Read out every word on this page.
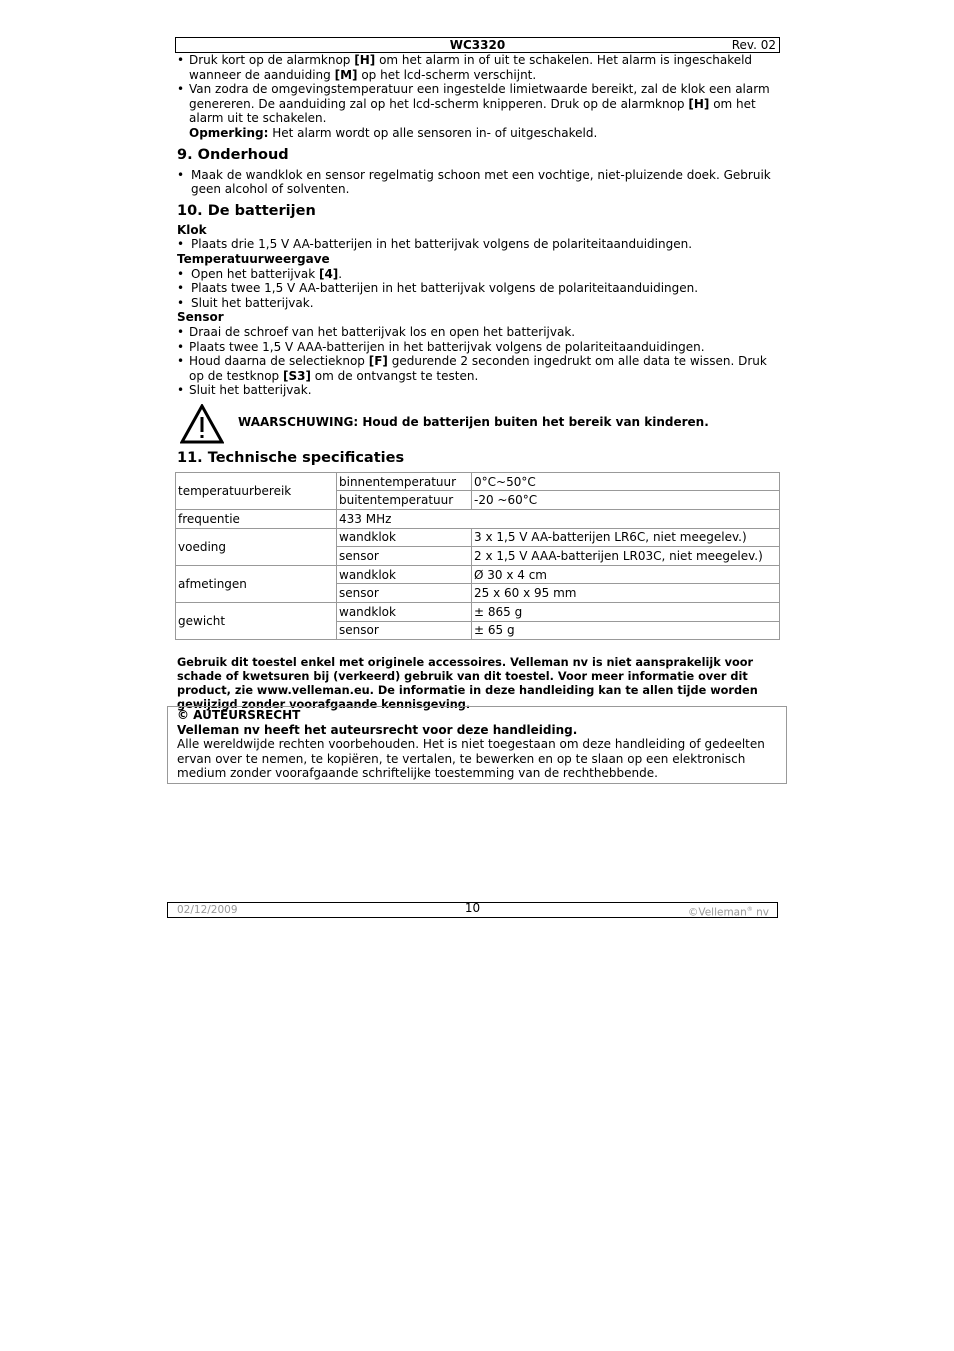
WC3320	Rev. 02
• Druk kort op de alarmknop [H] om het alarm in of uit te schakelen. Het alarm is ingeschakeld wanneer de aanduiding [M] op het lcd-scherm verschijnt.
• Van zodra de omgevingstemperatuur een ingestelde limietwaarde bereikt, zal de klok een alarm genereren. De aanduiding zal op het lcd-scherm knipperen. Druk op de alarmknop [H] om het alarm uit te schakelen.
Opmerking: Het alarm wordt op alle sensoren in- of uitgeschakeld.
9. Onderhoud
• Maak de wandklok en sensor regelmatig schoon met een vochtige, niet-pluizende doek. Gebruik geen alcohol of solventen.
10. De batterijen
Klok
• Plaats drie 1,5 V AA-batterijen in het batterijvak volgens de polariteitaanduidingen.
Temperatuurweergave
• Open het batterijvak [4].
• Plaats twee 1,5 V AA-batterijen in het batterijvak volgens de polariteitaanduidingen.
• Sluit het batterijvak.
Sensor
• Draai de schroef van het batterijvak los en open het batterijvak.
• Plaats twee 1,5 V AAA-batterijen in het batterijvak volgens de polariteitaanduidingen.
• Houd daarna de selectieknop [F] gedurende 2 seconden ingedrukt om alle data te wissen. Druk op de testknop [S3] om de ontvangst te testen.
• Sluit het batterijvak.
WAARSCHUWING: Houd de batterijen buiten het bereik van kinderen.
11. Technische specificaties
temperatuurbereik	binnentemperatuur	0°C~50°C
	buitentemperatuur	-20 ~60°C
frequentie	433 MHz	
voeding	wandklok	3 x 1,5 V AA-batterijen LR6C, niet meegelev.)
	sensor	2 x 1,5 V AAA-batterijen LR03C, niet meegelev.)
afmetingen	wandklok	Ø 30 x 4 cm
	sensor	25 x 60 x 95 mm
gewicht	wandklok	± 865 g
	sensor	± 65 g
Gebruik dit toestel enkel met originele accessoires. Velleman nv is niet aansprakelijk voor schade of kwetsuren bij (verkeerd) gebruik van dit toestel. Voor meer informatie over dit product, zie www.velleman.eu. De informatie in deze handleiding kan te allen tijde worden gewijzigd zonder voorafgaande kennisgeving.
© AUTEURSRECHT
Velleman nv heeft het auteursrecht voor deze handleiding.
Alle wereldwijde rechten voorbehouden. Het is niet toegestaan om deze handleiding of gedeelten ervan over te nemen, te kopiëren, te vertalen, te bewerken en op te slaan op een elektronisch medium zonder voorafgaande schriftelijke toestemming van de rechthebbende.
02/12/2009	10	©Velleman® nv
